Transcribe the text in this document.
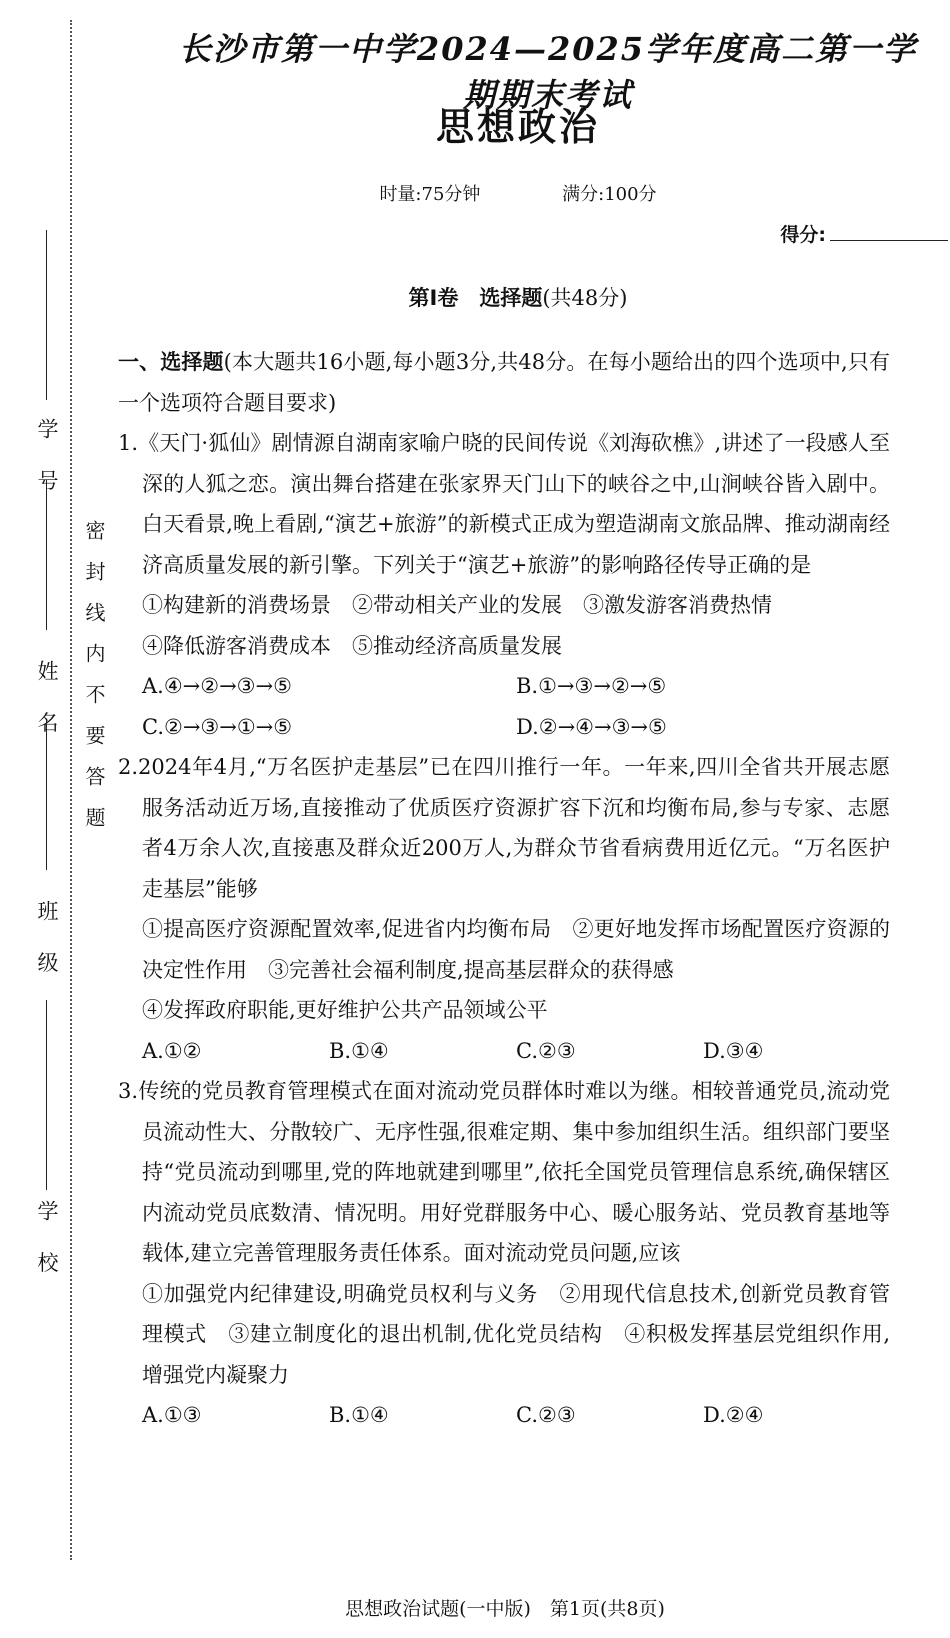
学 号
姓 名
班 级
学 校
密封线内不要答题
长沙市第一中学2024—2025学年度高二第一学期期末考试
思想政治
时量:75分钟	满分:100分
得分:
第Ⅰ卷　 选择题(共48分)
一、选择题(本大题共16小题,每小题3分,共48分。在每小题给出的四个选项中,只有一个选项符合题目要求)
1.《天门·狐仙》剧情源自湖南家喻户晓的民间传说《刘海砍樵》,讲述了一段感人至深的人狐之恋。演出舞台搭建在张家界天门山下的峡谷之中,山涧峡谷皆入剧中。白天看景,晚上看剧,“演艺+旅游”的新模式正成为塑造湖南文旅品牌、推动湖南经济高质量发展的新引擎。下列关于“演艺+旅游”的影响路径传导正确的是
①构建新的消费场景　②带动相关产业的发展　③激发游客消费热情
④降低游客消费成本　⑤推动经济高质量发展
A.④→②→③→⑤	B.①→③→②→⑤
C.②→③→①→⑤	D.②→④→③→⑤
2.2024年4月,“万名医护走基层”已在四川推行一年。一年来,四川全省共开展志愿服务活动近万场,直接推动了优质医疗资源扩容下沉和均衡布局,参与专家、志愿者4万余人次,直接惠及群众近200万人,为群众节省看病费用近亿元。“万名医护走基层”能够
①提高医疗资源配置效率,促进省内均衡布局　②更好地发挥市场配置医疗资源的决定性作用　③完善社会福利制度,提高基层群众的获得感
④发挥政府职能,更好维护公共产品领域公平
A.①②	B.①④	C.②③	D.③④
3.传统的党员教育管理模式在面对流动党员群体时难以为继。相较普通党员,流动党员流动性大、分散较广、无序性强,很难定期、集中参加组织生活。组织部门要坚持“党员流动到哪里,党的阵地就建到哪里”,依托全国党员管理信息系统,确保辖区内流动党员底数清、情况明。用好党群服务中心、暖心服务站、党员教育基地等载体,建立完善管理服务责任体系。面对流动党员问题,应该
①加强党内纪律建设,明确党员权利与义务　②用现代信息技术,创新党员教育管理模式　③建立制度化的退出机制,优化党员结构　④积极发挥基层党组织作用,增强党内凝聚力
A.①③	B.①④	C.②③	D.②④
思想政治试题(一中版)　第1页(共8页)
